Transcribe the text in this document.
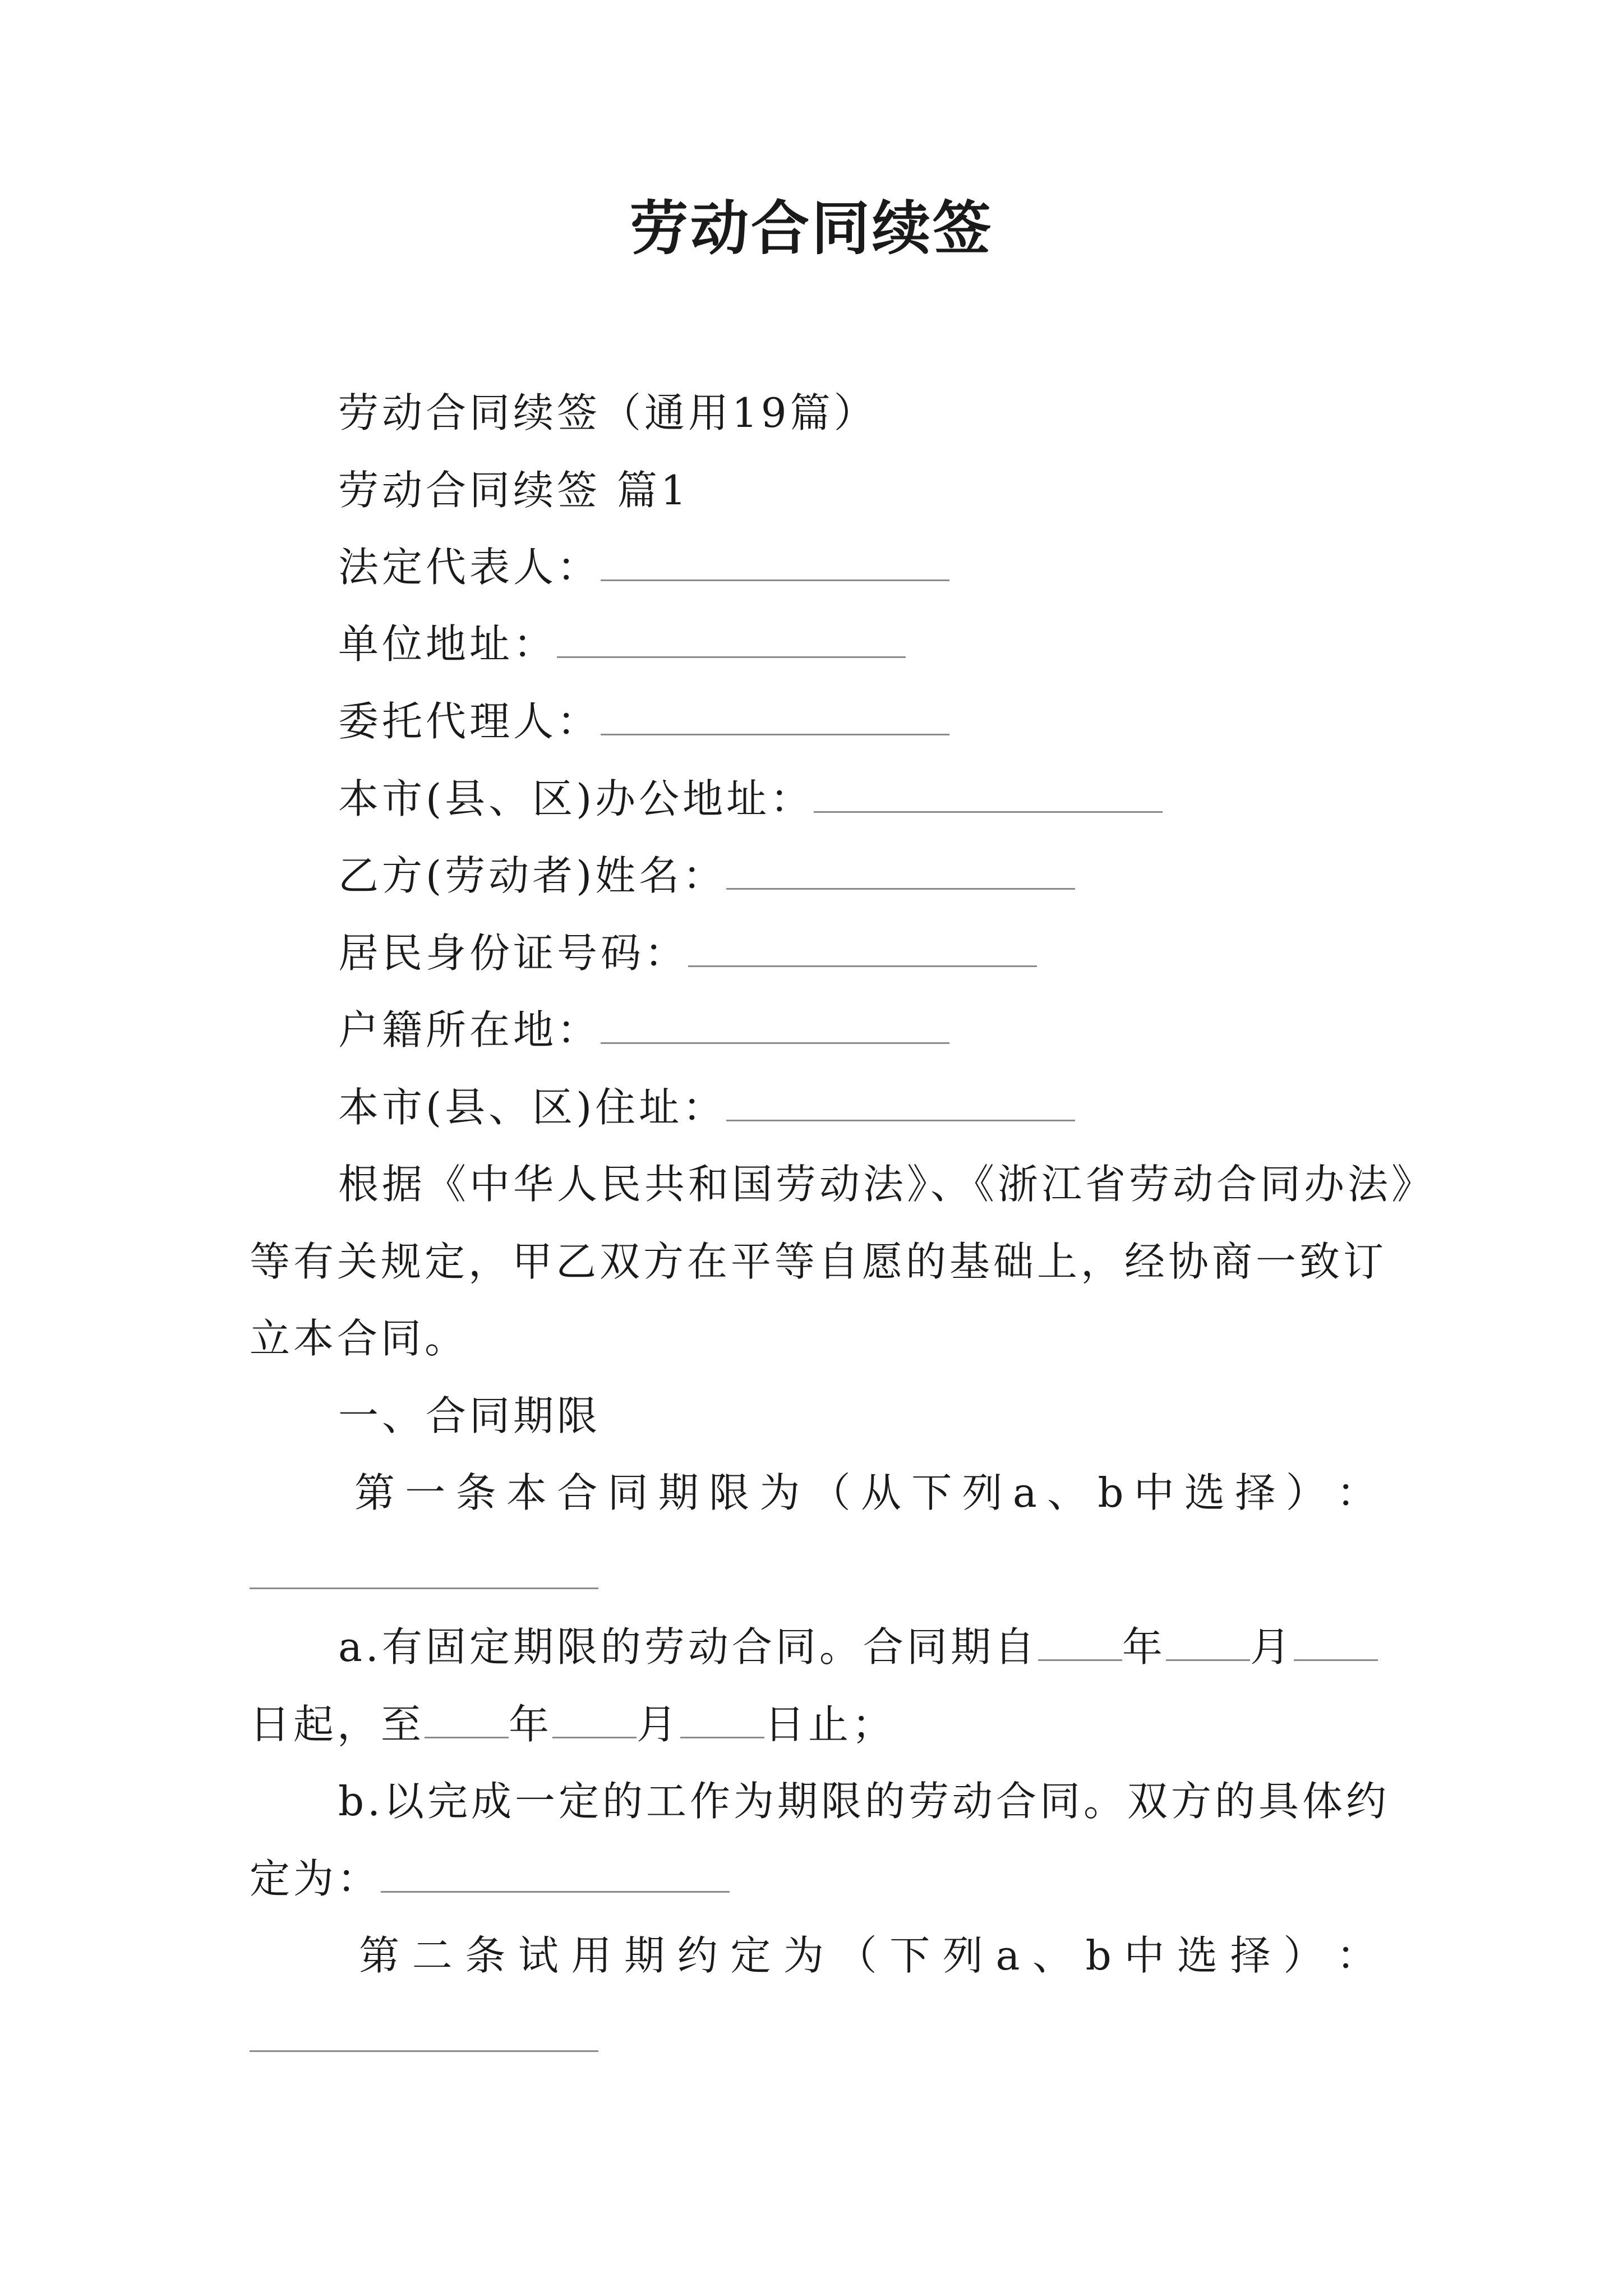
劳动合同续签
劳动合同续签（通用19篇）
劳动合同续签 篇1
法定代表人：
单位地址：
委托代理人：
本市(县、区)办公地址：
乙方(劳动者)姓名：
居民身份证号码：
户籍所在地：
本市(县、区)住址：
根据《中华人民共和国劳动法》、《浙江省劳动合同办法》
等有关规定，甲乙双方在平等自愿的基础上，经协商一致订
立本合同。
一、合同期限
第 一 条 本 合 同 期 限 为 （ 从 下 列 a 、 b 中 选 择 ） ：
a.有固定期限的劳动合同。合同期自 年 月
日起，至 年 月 日止；
b.以完成一定的工作为期限的劳动合同。双方的具体约
定为：
第 二 条 试 用 期 约 定 为 （ 下 列 a 、 b 中 选 择 ） ：
